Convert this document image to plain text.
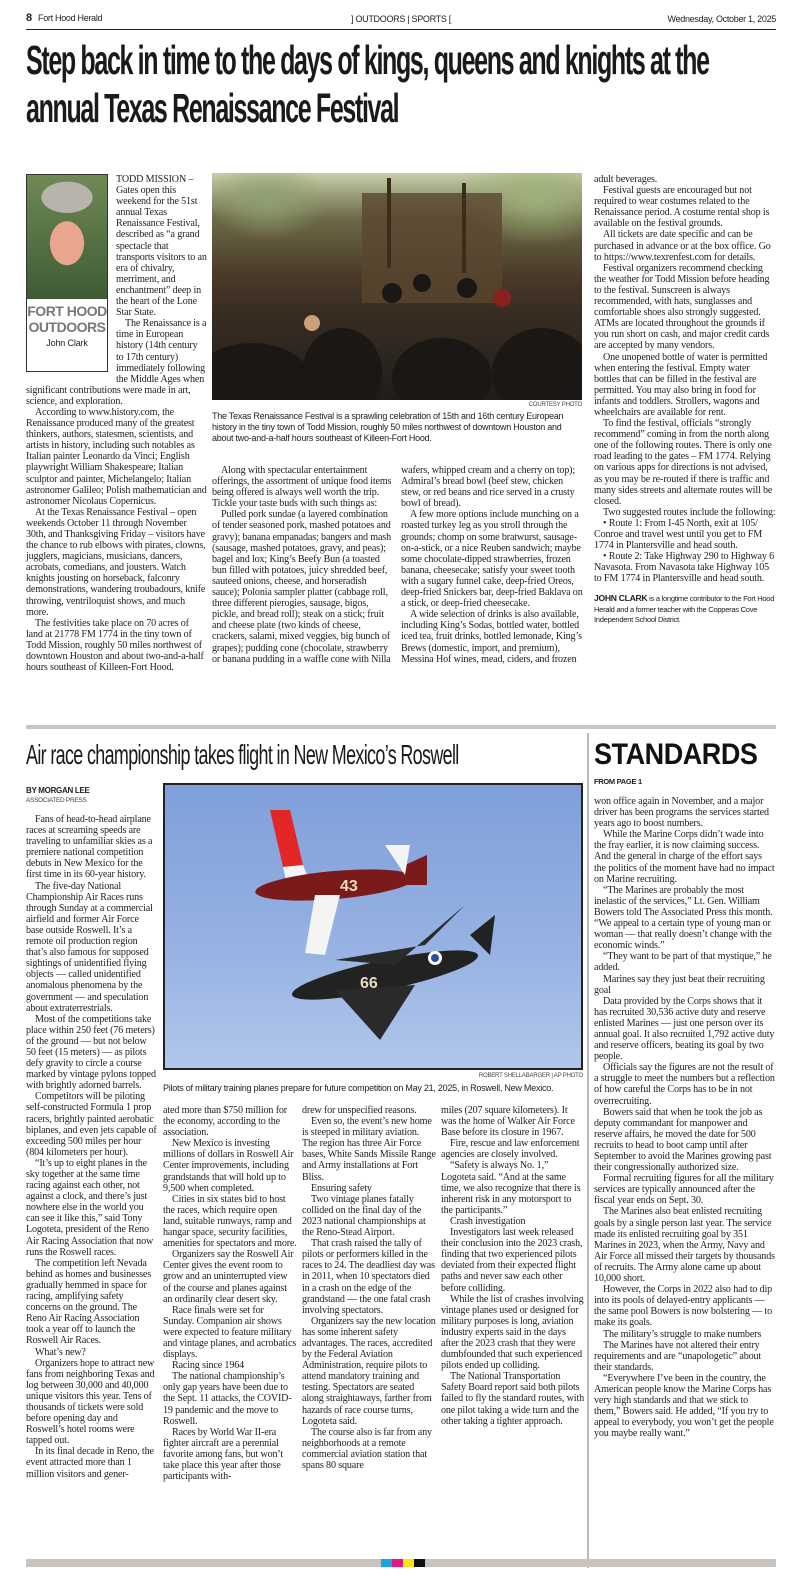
8 Fort Hood Herald	] OUTDOORS | SPORTS [	Wednesday, October 1, 2025
Step back in time to the days of kings, queens and knights at the annual Texas Renaissance Festival
FORT HOOD
OUTDOORS
John Clark

TODD MISSION – Gates open this weekend for the 51st annual Texas Renaissance Festival, described as “a grand spectacle that transports visitors to an era of chivalry, merriment, and enchantment” deep in the heart of the Lone Star State.

The Renaissance is a time in European history (14th century to 17th century) immediately following the Middle Ages when significant contributions were made in art, science, and exploration.

According to www.history.com, the Renaissance produced many of the greatest thinkers, authors, statesmen, scientists, and artists in history, including such notables as Italian painter Leonardo da Vinci; English playwright William Shakespeare; Italian sculptor and painter, Michelangelo; Italian astronomer Galileo; Polish mathematician and astronomer Nicolaus Copernicus.

At the Texas Renaissance Festival – open weekends October 11 through November 30th, and Thanksgiving Friday – visitors have the chance to rub elbows with pirates, clowns, jugglers, magicians, musicians, dancers, acrobats, comedians, and jousters. Watch knights jousting on horseback, falconry demonstrations, wandering troubadours, knife throwing, ventriloquist shows, and much more.

The festivities take place on 70 acres of land at 21778 FM 1774 in the tiny town of Todd Mission, roughly 50 miles northwest of downtown Houston and about two-and-a-half hours southeast of Killeen-Fort Hood.

COURTESY PHOTO
The Texas Renaissance Festival is a sprawling celebration of 15th and 16th century European history in the tiny town of Todd Mission, roughly 50 miles northwest of downtown Houston and about two-and-a-half hours southeast of Killeen-Fort Hood.

Along with spectacular entertainment offerings, the assortment of unique food items being offered is always well worth the trip. Tickle your taste buds with such things as:

Pulled pork sundae (a layered combination of tender seasoned pork, mashed potatoes and gravy); banana empanadas; bangers and mash (sausage, mashed potatoes, gravy, and peas); bagel and lox; King’s Beefy Bun (a toasted bun filled with potatoes, juicy shredded beef, sauteed onions, cheese, and horseradish sauce); Polonia sampler platter (cabbage roll, three different pierogies, sausage, bigos, pickle, and bread roll); steak on a stick; fruit and cheese plate (two kinds of cheese, crackers, salami, mixed veggies, big bunch of grapes); pudding cone (chocolate, strawberry or banana pudding in a waffle cone with Nilla

wafers, whipped cream and a cherry on top); Admiral’s bread bowl (beef stew, chicken stew, or red beans and rice served in a crusty bowl of bread).

A few more options include munching on a roasted turkey leg as you stroll through the grounds; chomp on some bratwurst, sausage-on-a-stick, or a nice Reuben sandwich; maybe some chocolate-dipped strawberries, frozen banana, cheesecake; satisfy your sweet tooth with a sugary funnel cake, deep-fried Oreos, deep-fried Snickers bar, deep-fried Baklava on a stick, or deep-fried cheesecake.

A wide selection of drinks is also available, including King’s Sodas, bottled water, bottled iced tea, fruit drinks, bottled lemonade, King’s Brews (domestic, import, and premium), Messina Hof wines, mead, ciders, and frozen

adult beverages.

Festival guests are encouraged but not required to wear costumes related to the Renaissance period. A costume rental shop is available on the festival grounds.

All tickets are date specific and can be purchased in advance or at the box office. Go to https://www.texrenfest.com for details.

Festival organizers recommend checking the weather for Todd Mission before heading to the festival. Sunscreen is always recommended, with hats, sunglasses and comfortable shoes also strongly suggested. ATMs are located throughout the grounds if you run short on cash, and major credit cards are accepted by many vendors.

One unopened bottle of water is permitted when entering the festival. Empty water bottles that can be filled in the festival are permitted. You may also bring in food for infants and toddlers. Strollers, wagons and wheelchairs are available for rent.

To find the festival, officials “strongly recommend” coming in from the north along one of the following routes. There is only one road leading to the gates – FM 1774. Relying on various apps for directions is not advised, as you may be re-routed if there is traffic and many sides streets and alternate routes will be closed.

Two suggested routes include the following:

• Route 1: From I-45 North, exit at 105/ Conroe and travel west until you get to FM 1774 in Plantersville and head south.

• Route 2: Take Highway 290 to Highway 6 Navasota. From Navasota take Highway 105 to FM 1774 in Plantersville and head south.

JOHN CLARK is a longtime contributor to the Fort Hood Herald and a former teacher with the Copperas Cove Independent School District.
Air race championship takes flight in New Mexico’s Roswell	STANDARDS
BY MORGAN LEE
ASSOCIATED PRESS

Fans of head-to-head airplane races at screaming speeds are traveling to unfamiliar skies as a premiere national competition debuts in New Mexico for the first time in its 60-year history.

The five-day National Championship Air Races runs through Sunday at a commercial airfield and former Air Force base outside Roswell. It’s a remote oil production region that’s also famous for supposed sightings of unidentified flying objects — called unidentified anomalous phenomena by the government — and speculation about extraterrestrials.

Most of the competitions take place within 250 feet (76 meters) of the ground — but not below 50 feet (15 meters) — as pilots defy gravity to circle a course marked by vintage pylons topped with brightly adorned barrels.

Competitors will be piloting self-constructed Formula 1 prop racers, brightly painted aerobatic biplanes, and even jets capable of exceeding 500 miles per hour (804 kilometers per hour).

“It’s up to eight planes in the sky together at the same time racing against each other, not against a clock, and there’s just nowhere else in the world you can see it like this,” said Tony Logoteta, president of the Reno Air Racing Association that now runs the Roswell races.

The competition left Nevada behind as homes and businesses gradually hemmed in space for racing, amplifying safety concerns on the ground. The Reno Air Racing Association took a year off to launch the Roswell Air Races.

What’s new?

Organizers hope to attract new fans from neighboring Texas and log between 30,000 and 40,000 unique visitors this year. Tens of thousands of tickets were sold before opening day and Roswell’s hotel rooms were tapped out.

In its final decade in Reno, the event attracted more than 1 million visitors and gener-

43
66
ROBERT SHELLABARGER | AP PHOTO
Pilots of military training planes prepare for future competition on May 21, 2025, in Roswell, New Mexico.

ated more than $750 million for the economy, according to the association.

New Mexico is investing millions of dollars in Roswell Air Center improvements, including grandstands that will hold up to 9,500 when completed.

Cities in six states bid to host the races, which require open land, suitable runways, ramp and hangar space, security facilities, amenities for spectators and more.

Organizers say the Roswell Air Center gives the event room to grow and an uninterrupted view of the course and planes against an ordinarily clear desert sky.

Race finals were set for Sunday. Companion air shows were expected to feature military and vintage planes, and acrobatics displays.

Racing since 1964

The national championship’s only gap years have been due to the Sept. 11 attacks, the COVID-19 pandemic and the move to Roswell.

Races by World War II-era fighter aircraft are a perennial favorite among fans, but won’t take place this year after those participants with-

drew for unspecified reasons.

Even so, the event’s new home is steeped in military aviation. The region has three Air Force bases, White Sands Missile Range and Army installations at Fort Bliss.

Ensuring safety

Two vintage planes fatally collided on the final day of the 2023 national championships at the Reno-Stead Airport.

That crash raised the tally of pilots or performers killed in the races to 24. The deadliest day was in 2011, when 10 spectators died in a crash on the edge of the grandstand — the one fatal crash involving spectators.

Organizers say the new location has some inherent safety advantages. The races, accredited by the Federal Aviation Administration, require pilots to attend mandatory training and testing. Spectators are seated along straightaways, farther from hazards of race course turns, Logoteta said.

The course also is far from any neighborhoods at a remote commercial aviation station that spans 80 square

miles (207 square kilometers). It was the home of Walker Air Force Base before its closure in 1967.

Fire, rescue and law enforcement agencies are closely involved.

“Safety is always No. 1,” Logoteta said. “And at the same time, we also recognize that there is inherent risk in any motorsport to the participants.”

Crash investigation

Investigators last week released their conclusion into the 2023 crash, finding that two experienced pilots deviated from their expected flight paths and never saw each other before colliding.

While the list of crashes involving vintage planes used or designed for military purposes is long, aviation industry experts said in the days after the 2023 crash that they were dumbfounded that such experienced pilots ended up colliding.

The National Transportation Safety Board report said both pilots failed to fly the standard routes, with one pilot taking a wide turn and the other taking a tighter approach.

FROM PAGE 1

won office again in November, and a major driver has been programs the services started years ago to boost numbers.

While the Marine Corps didn’t wade into the fray earlier, it is now claiming success. And the general in charge of the effort says the politics of the moment have had no impact on Marine recruiting.

“The Marines are probably the most inelastic of the services,” Lt. Gen. William Bowers told The Associated Press this month. “We appeal to a certain type of young man or woman — that really doesn’t change with the economic winds.”

“They want to be part of that mystique,” he added.

Marines say they just beat their recruiting goal

Data provided by the Corps shows that it has recruited 30,536 active duty and reserve enlisted Marines — just one person over its annual goal. It also recruited 1,792 active duty and reserve officers, beating its goal by two people.

Officials say the figures are not the result of a struggle to meet the numbers but a reflection of how careful the Corps has to be in not overrecruiting.

Bowers said that when he took the job as deputy commandant for manpower and reserve affairs, he moved the date for 500 recruits to head to boot camp until after September to avoid the Marines growing past their congressionally authorized size.

Formal recruiting figures for all the military services are typically announced after the fiscal year ends on Sept. 30.

The Marines also beat enlisted recruiting goals by a single person last year. The service made its enlisted recruiting goal by 351 Marines in 2023, when the Army, Navy and Air Force all missed their targets by thousands of recruits. The Army alone came up about 10,000 short.

However, the Corps in 2022 also had to dip into its pools of delayed-entry applicants — the same pool Bowers is now bolstering — to make its goals.

The military’s struggle to make numbers

The Marines have not altered their entry requirements and are “unapologetic” about their standards.

“Everywhere I’ve been in the country, the American people know the Marine Corps has very high standards and that we stick to them,” Bowers said. He added, “If you try to appeal to everybody, you won’t get the people you maybe really want.”
